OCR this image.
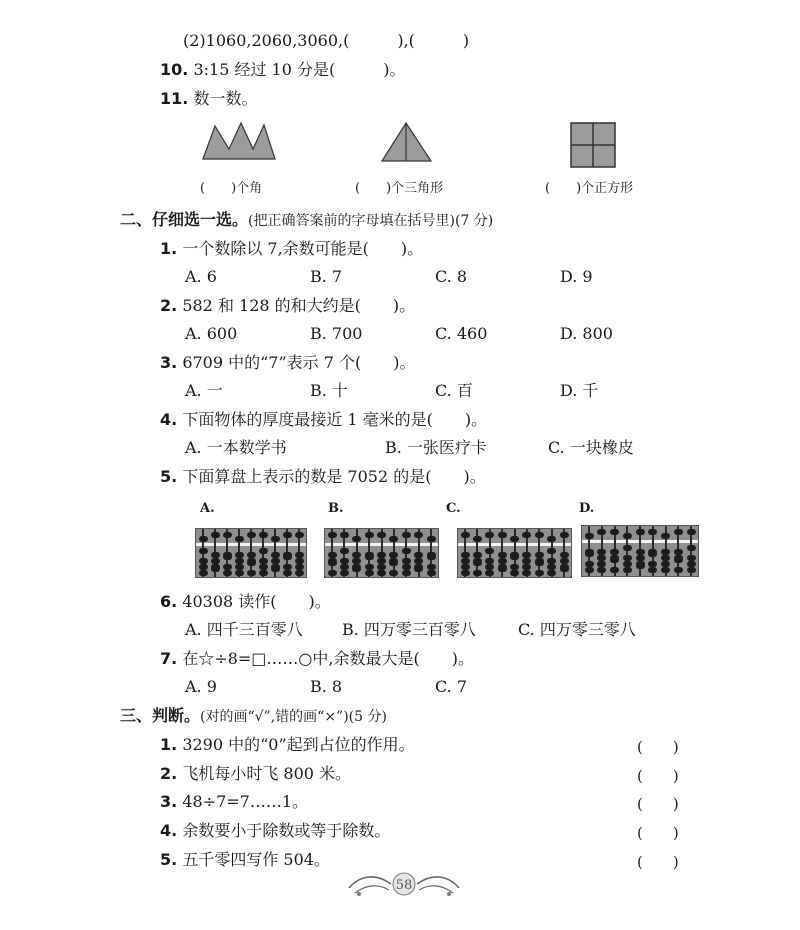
(2)1060,2060,3060,(　　　),(　　　)
10. 3:15 经过 10 分是(　　　)。
11. 数一数。
(　　)个角	(　　)个三角形	(　　)个正方形
二、仔细选一选。(把正确答案前的字母填在括号里)(7 分)
1. 一个数除以 7,余数可能是(　　)。
A. 6	B. 7	C. 8	D. 9
2. 582 和 128 的和大约是(　　)。
A. 600	B. 700	C. 460	D. 800
3. 6709 中的“7”表示 7 个(　　)。
A. 一	B. 十	C. 百	D. 千
4. 下面物体的厚度最接近 1 毫米的是(　　)。
A. 一本数学书	B. 一张医疗卡	C. 一块橡皮
5. 下面算盘上表示的数是 7052 的是(　　)。
A.	B.	C.	D.
6. 40308 读作(　　)。
A. 四千三百零八 B. 四万零三百零八	C. 四万零三零八
7. 在☆÷8=□……○中,余数最大是(　　)。
A. 9	B. 8	C. 7
三、判断。(对的画“√”,错的画“×”)(5 分)
1. 3290 中的“0”起到占位的作用。	(　　)
2. 飞机每小时飞 800 米。	(　　)
3. 48÷7=7……1。	(　　)
4. 余数要小于除数或等于除数。	(　　)
5. 五千零四写作 504。	(　　)
58
